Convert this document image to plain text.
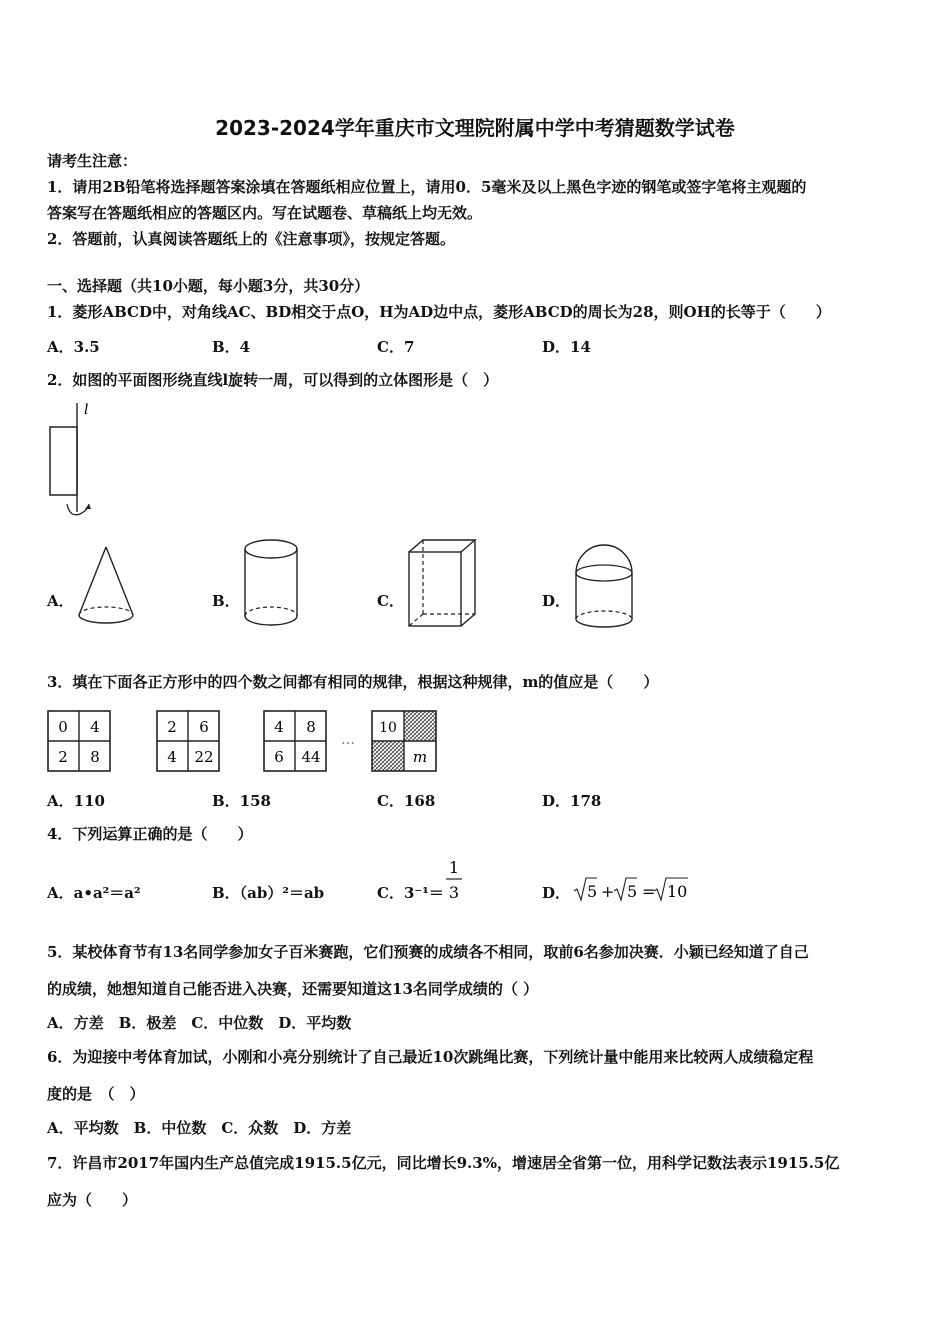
2023-2024学年重庆市文理院附属中学中考猜题数学试卷
请考生注意：
1．请用2B铅笔将选择题答案涂填在答题纸相应位置上，请用0．5毫米及以上黑色字迹的钢笔或签字笔将主观题的
答案写在答题纸相应的答题区内。写在试题卷、草稿纸上均无效。
2．答题前，认真阅读答题纸上的《注意事项》，按规定答题。
一、选择题（共10小题，每小题3分，共30分）
1．菱形ABCD中，对角线AC、BD相交于点O，H为AD边中点，菱形ABCD的周长为28，则OH的长等于（　　）
A．3.5	B．4	C．7	D．14
2．如图的平面图形绕直线l旋转一周，可以得到的立体图形是（　）
l
A．	B．	C．	D．
3．填在下面各正方形中的四个数之间都有相同的规律，根据这种规律，m的值应是（　　）
0 4
2 8
2 6
4 22
4 8
6 44
…
10
m
A．110	B．158	C．168	D．178
4．下列运算正确的是（　　）
A．a•a²＝a²	B．（ab）²＝ab	C．3⁻¹＝
1
3	D． 5 + 5 = 10
5．某校体育节有13名同学参加女子百米赛跑，它们预赛的成绩各不相同，取前6名参加决赛．小颖已经知道了自己
的成绩，她想知道自己能否进入决赛，还需要知道这13名同学成绩的（ ）
A．方差　B．极差　C．中位数　D．平均数
6．为迎接中考体育加试，小刚和小亮分别统计了自己最近10次跳绳比赛，下列统计量中能用来比较两人成绩稳定程
度的是　（　）
A．平均数　B．中位数　C．众数　D．方差
7．许昌市2017年国内生产总值完成1915.5亿元，同比增长9.3%，增速居全省第一位，用科学记数法表示1915.5亿
应为（　　）
